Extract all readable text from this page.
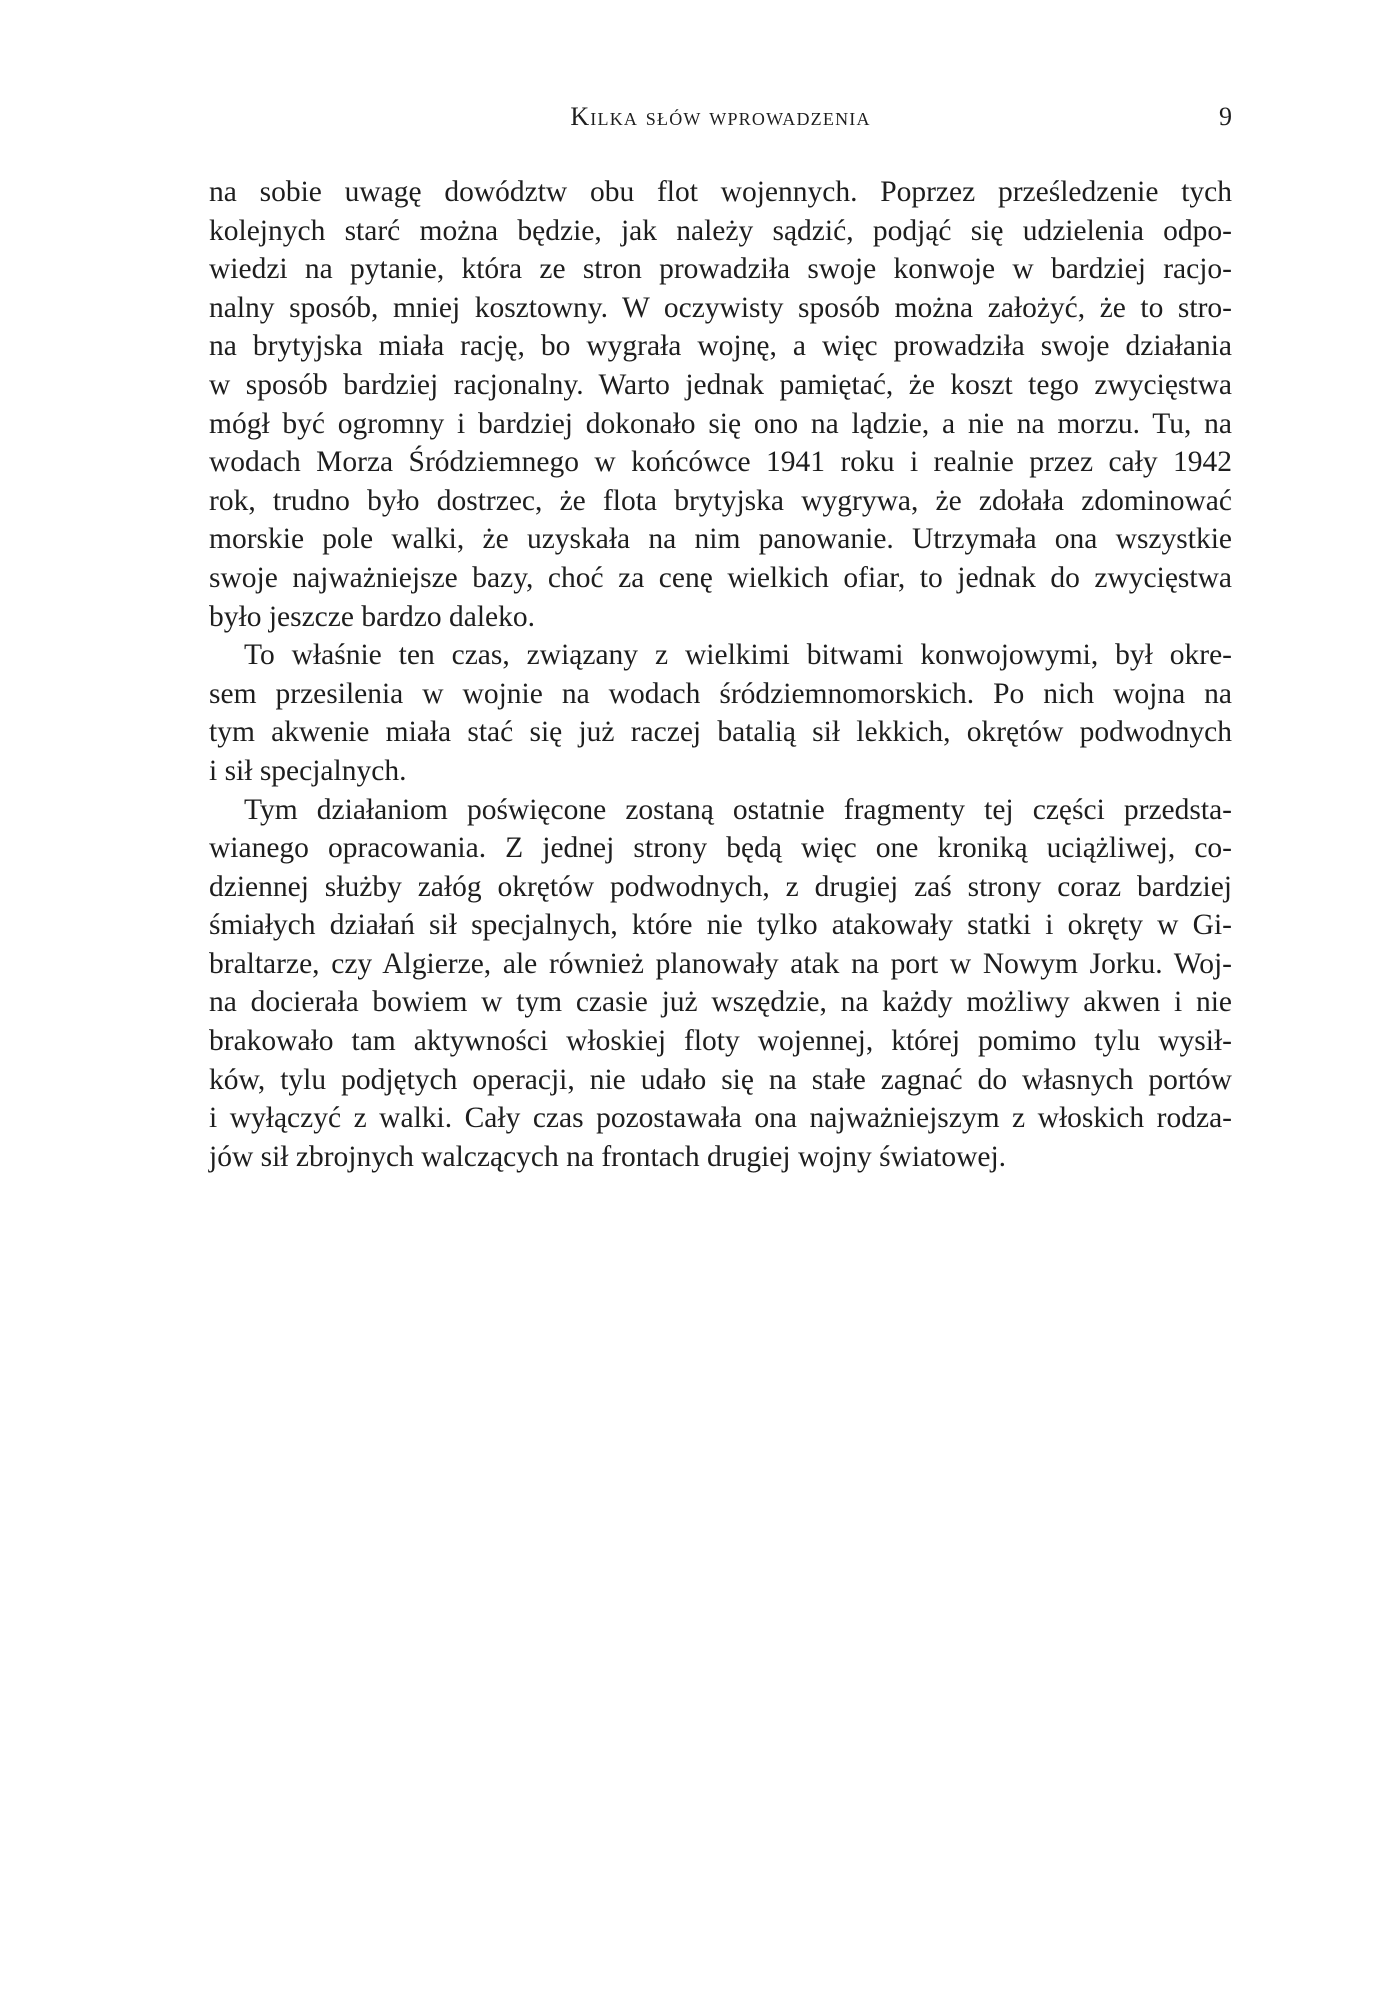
Kilka słów wprowadzenia	9
na sobie uwagę dowództw obu flot wojennych. Poprzez prześledzenie tych
kolejnych starć można będzie, jak należy sądzić, podjąć się udzielenia odpo-
wiedzi na pytanie, która ze stron prowadziła swoje konwoje w bardziej racjo-
nalny sposób, mniej kosztowny. W oczywisty sposób można założyć, że to stro-
na brytyjska miała rację, bo wygrała wojnę, a więc prowadziła swoje działania
w sposób bardziej racjonalny. Warto jednak pamiętać, że koszt tego zwycięstwa
mógł być ogromny i bardziej dokonało się ono na lądzie, a nie na morzu. Tu, na
wodach Morza Śródziemnego w końcówce 1941 roku i realnie przez cały 1942
rok, trudno było dostrzec, że flota brytyjska wygrywa, że zdołała zdominować
morskie pole walki, że uzyskała na nim panowanie. Utrzymała ona wszystkie
swoje najważniejsze bazy, choć za cenę wielkich ofiar, to jednak do zwycięstwa
było jeszcze bardzo daleko.
To właśnie ten czas, związany z wielkimi bitwami konwojowymi, był okre-
sem przesilenia w wojnie na wodach śródziemnomorskich. Po nich wojna na
tym akwenie miała stać się już raczej batalią sił lekkich, okrętów podwodnych
i sił specjalnych.
Tym działaniom poświęcone zostaną ostatnie fragmenty tej części przedsta-
wianego opracowania. Z jednej strony będą więc one kroniką uciążliwej, co-
dziennej służby załóg okrętów podwodnych, z drugiej zaś strony coraz bardziej
śmiałych działań sił specjalnych, które nie tylko atakowały statki i okręty w Gi-
braltarze, czy Algierze, ale również planowały atak na port w Nowym Jorku. Woj-
na docierała bowiem w tym czasie już wszędzie, na każdy możliwy akwen i nie
brakowało tam aktywności włoskiej floty wojennej, której pomimo tylu wysił-
ków, tylu podjętych operacji, nie udało się na stałe zagnać do własnych portów
i wyłączyć z walki. Cały czas pozostawała ona najważniejszym z włoskich rodza-
jów sił zbrojnych walczących na frontach drugiej wojny światowej.
